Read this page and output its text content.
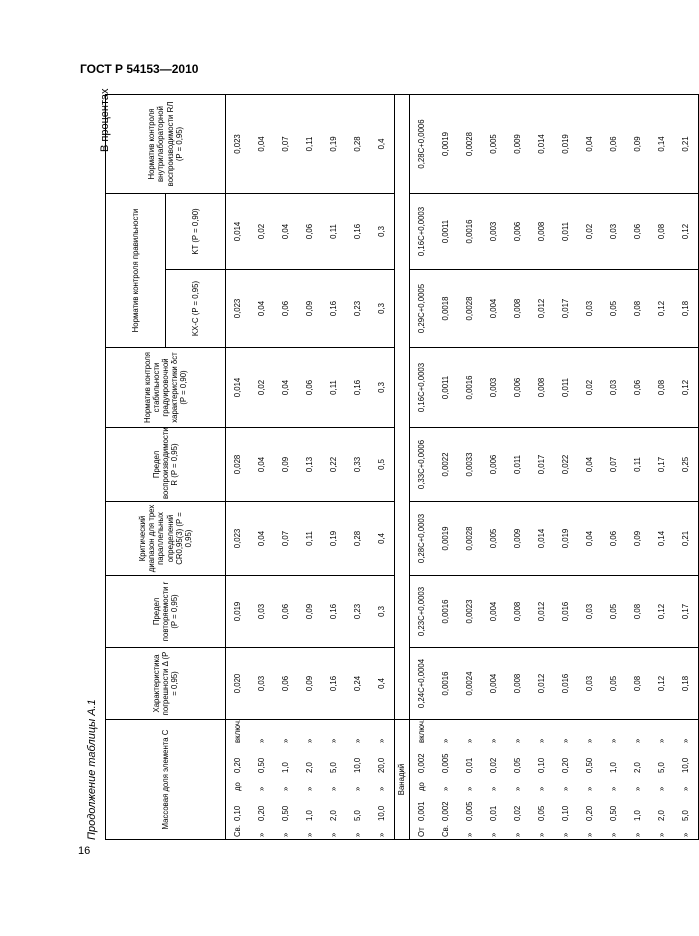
ГОСТ Р 54153—2010
В процентах
Массовая доля элемента С	Характеристика погрешности Δ (P = 0,95)	Предел повторяемости r (P = 0,95)	Критический диапазон для трех параллельных определений CR0,95(3) (P = 0,95)	Предел воспроизводимости R (P = 0,95)	Норматив контроля стабильности градуировочной характеристики δст (P = 0,90)	Норматив контроля правильности		Норматив контроля внутрилабораторной воспроизводимости RЛ (P = 0,95)
						KX-C (P = 0,95)	KT (P = 0,90)	
Св.0,10до0,20включ.	0,020	0,019	0,023	0,028	0,014	0,023	0,014	0,023
»0,20»0,50»	0,03	0,03	0,04	0,04	0,02	0,04	0,02	0,04
»0,50»1,0»	0,06	0,06	0,07	0,09	0,04	0,06	0,04	0,07
»1,0»2,0»	0,09	0,09	0,11	0,13	0,06	0,09	0,06	0,11
»2,0»5,0»	0,16	0,16	0,19	0,22	0,11	0,16	0,11	0,19
»5,0»10,0»	0,24	0,23	0,28	0,33	0,16	0,23	0,16	0,28
»10,0»20,0»	0,4	0,3	0,4	0,5	0,3	0,3	0,3	0,4
Ванадий								
От0,001до0,002включ.	0,24С+0,0004	0,23С+0,0003	0,28С+0,0003	0,33С+0,0006	0,16С+0,0003	0,29С+0,0005	0,16С+0,0003	0,28С+0,0006
Св.0,002»0,005»	0,0016	0,0016	0,0019	0,0022	0,0011	0,0018	0,0011	0,0019
»0,005»0,01»	0,0024	0,0023	0,0028	0,0033	0,0016	0,0028	0,0016	0,0028
»0,01»0,02»	0,004	0,004	0,005	0,006	0,003	0,004	0,003	0,005
»0,02»0,05»	0,008	0,008	0,009	0,011	0,006	0,008	0,006	0,009
»0,05»0,10»	0,012	0,012	0,014	0,017	0,008	0,012	0,008	0,014
»0,10»0,20»	0,016	0,016	0,019	0,022	0,011	0,017	0,011	0,019
»0,20»0,50»	0,03	0,03	0,04	0,04	0,02	0,03	0,02	0,04
»0,50»1,0»	0,05	0,05	0,06	0,07	0,03	0,05	0,03	0,06
»1,0»2,0»	0,08	0,08	0,09	0,11	0,06	0,08	0,06	0,09
»2,0»5,0»	0,12	0,12	0,14	0,17	0,08	0,12	0,08	0,14
»5,0»10,0»	0,18	0,17	0,21	0,25	0,12	0,18	0,12	0,21
Продолжение таблицы А.1
16
